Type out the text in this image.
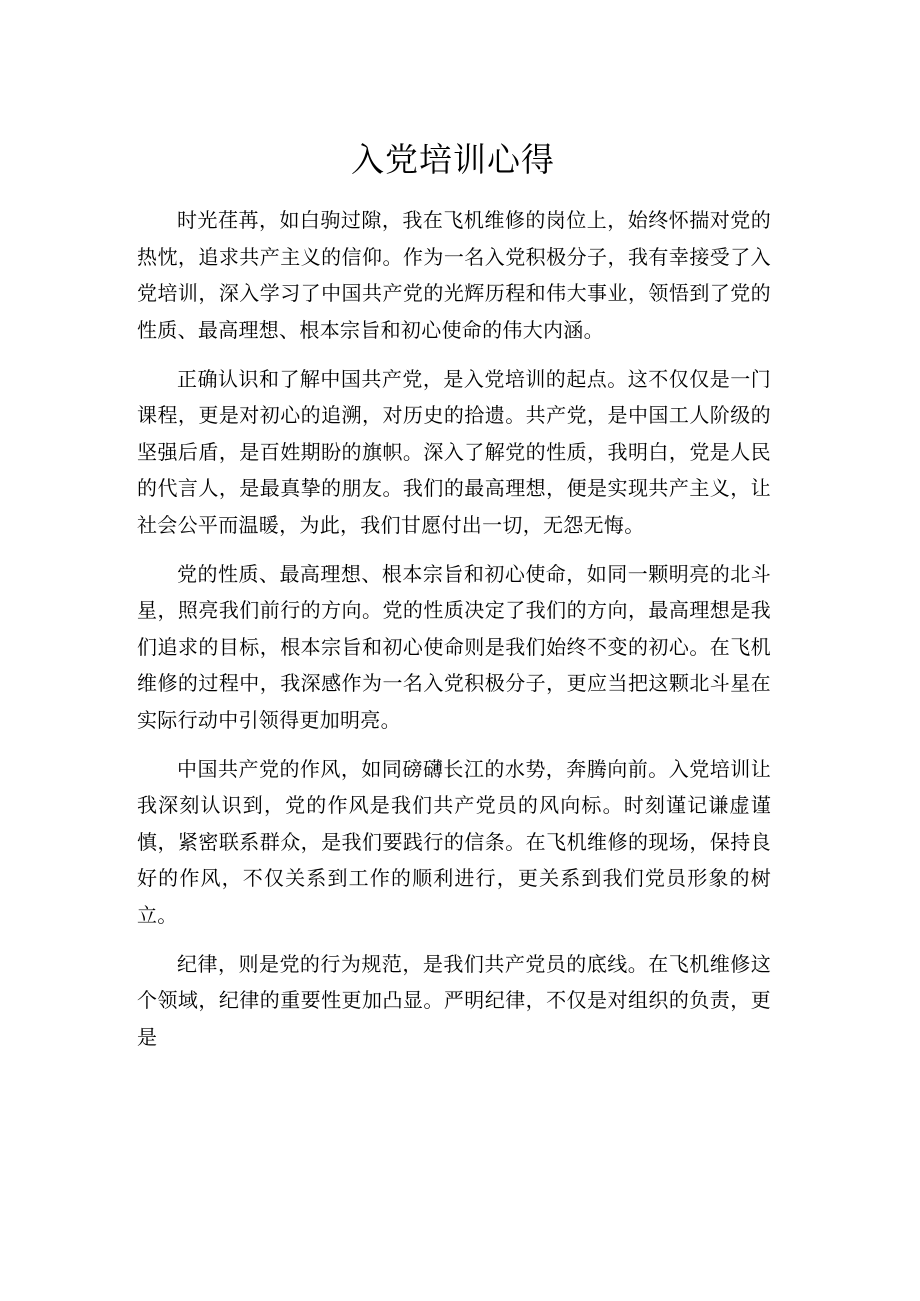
入党培训心得

时光荏苒，如白驹过隙，我在飞机维修的岗位上，始终怀揣对党的热忱，追求共产主义的信仰。作为一名入党积极分子，我有幸接受了入党培训，深入学习了中国共产党的光辉历程和伟大事业，领悟到了党的性质、最高理想、根本宗旨和初心使命的伟大内涵。

正确认识和了解中国共产党，是入党培训的起点。这不仅仅是一门课程，更是对初心的追溯，对历史的拾遗。共产党，是中国工人阶级的坚强后盾，是百姓期盼的旗帜。深入了解党的性质，我明白，党是人民的代言人，是最真挚的朋友。我们的最高理想，便是实现共产主义，让社会公平而温暖，为此，我们甘愿付出一切，无怨无悔。

党的性质、最高理想、根本宗旨和初心使命，如同一颗明亮的北斗星，照亮我们前行的方向。党的性质决定了我们的方向，最高理想是我们追求的目标，根本宗旨和初心使命则是我们始终不变的初心。在飞机维修的过程中，我深感作为一名入党积极分子，更应当把这颗北斗星在实际行动中引领得更加明亮。

中国共产党的作风，如同磅礴长江的水势，奔腾向前。入党培训让我深刻认识到，党的作风是我们共产党员的风向标。时刻谨记谦虚谨慎，紧密联系群众，是我们要践行的信条。在飞机维修的现场，保持良好的作风，不仅关系到工作的顺利进行，更关系到我们党员形象的树立。

纪律，则是党的行为规范，是我们共产党员的底线。在飞机维修这个领域，纪律的重要性更加凸显。严明纪律，不仅是对组织的负责，更是
